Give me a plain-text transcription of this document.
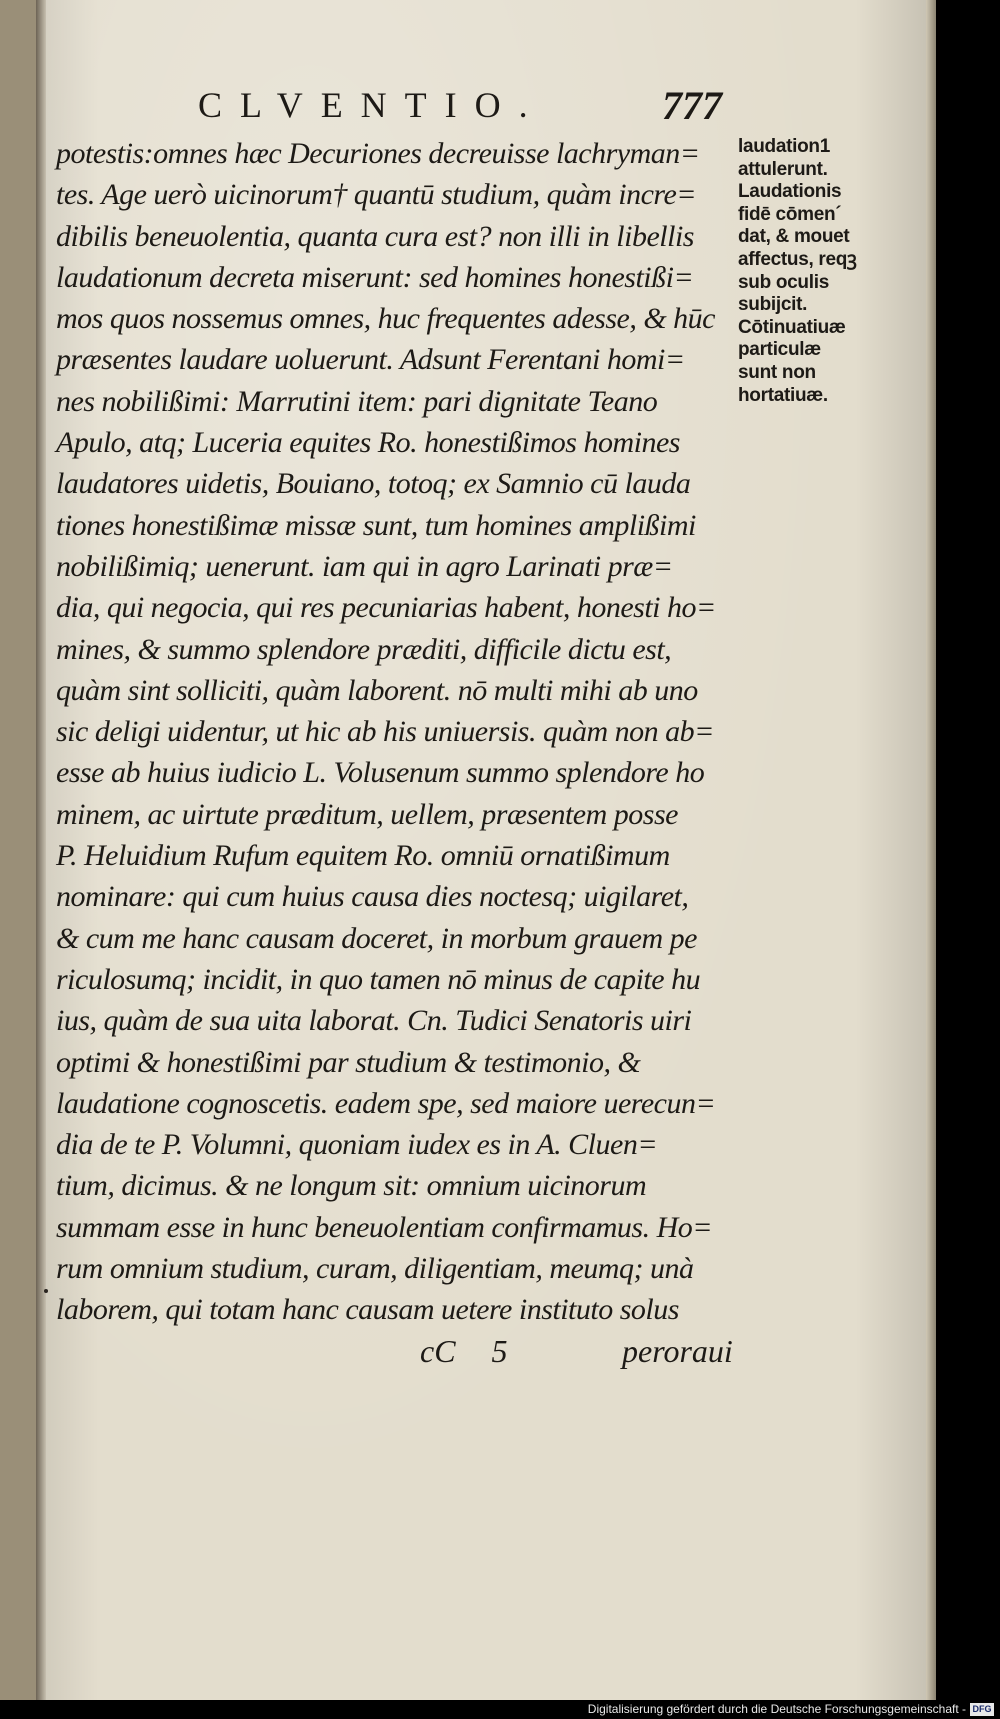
CLVENTIO.	777
potestis:omnes hæc Decuriones decreuisse lachryman=
tes. Age uerò uicinorum† quantū studium, quàm incre=
dibilis beneuolentia, quanta cura est? non illi in libellis
laudationum decreta miserunt: sed homines honestißi=
mos quos nossemus omnes, huc frequentes adesse, & hūc
præsentes laudare uoluerunt. Adsunt Ferentani homi=
nes nobilißimi: Marrutini item: pari dignitate Teano
Apulo, atq; Luceria equites Ro. honestißimos homines
laudatores uidetis, Bouiano, totoq; ex Samnio cū lauda
tiones honestißimæ missæ sunt, tum homines amplißimi
nobilißimiq; uenerunt. iam qui in agro Larinati præ=
dia, qui negocia, qui res pecuniarias habent, honesti ho=
mines, & summo splendore præditi, difficile dictu est,
quàm sint solliciti, quàm laborent. nō multi mihi ab uno
sic deligi uidentur, ut hic ab his uniuersis. quàm non ab=
esse ab huius iudicio L. Volusenum summo splendore ho
minem, ac uirtute præditum, uellem, præsentem posse
P. Heluidium Rufum equitem Ro. omniū ornatißimum
nominare: qui cum huius causa dies noctesq; uigilaret,
& cum me hanc causam doceret, in morbum grauem pe
riculosumq; incidit, in quo tamen nō minus de capite hu
ius, quàm de sua uita laborat. Cn. Tudici Senatoris uiri
optimi & honestißimi par studium & testimonio, &
laudatione cognoscetis. eadem spe, sed maiore uerecun=
dia de te P. Volumni, quoniam iudex es in A. Cluen=
tium, dicimus. & ne longum sit: omnium uicinorum
summam esse in hunc beneuolentiam confirmamus. Ho=
rum omnium studium, curam, diligentiam, meumq; unà
laborem, qui totam hanc causam uetere instituto solus
cC 5	peroraui
laudation1
attulerunt.
Laudationis
fidē cōmen´
dat, & mouet
affectus, reqꝫ
sub oculis
subijcit.
Cōtinuatiuæ
particulæ
sunt non
hortatiuæ.
Digitalisierung gefördert durch die Deutsche Forschungsgemeinschaft - DFG
